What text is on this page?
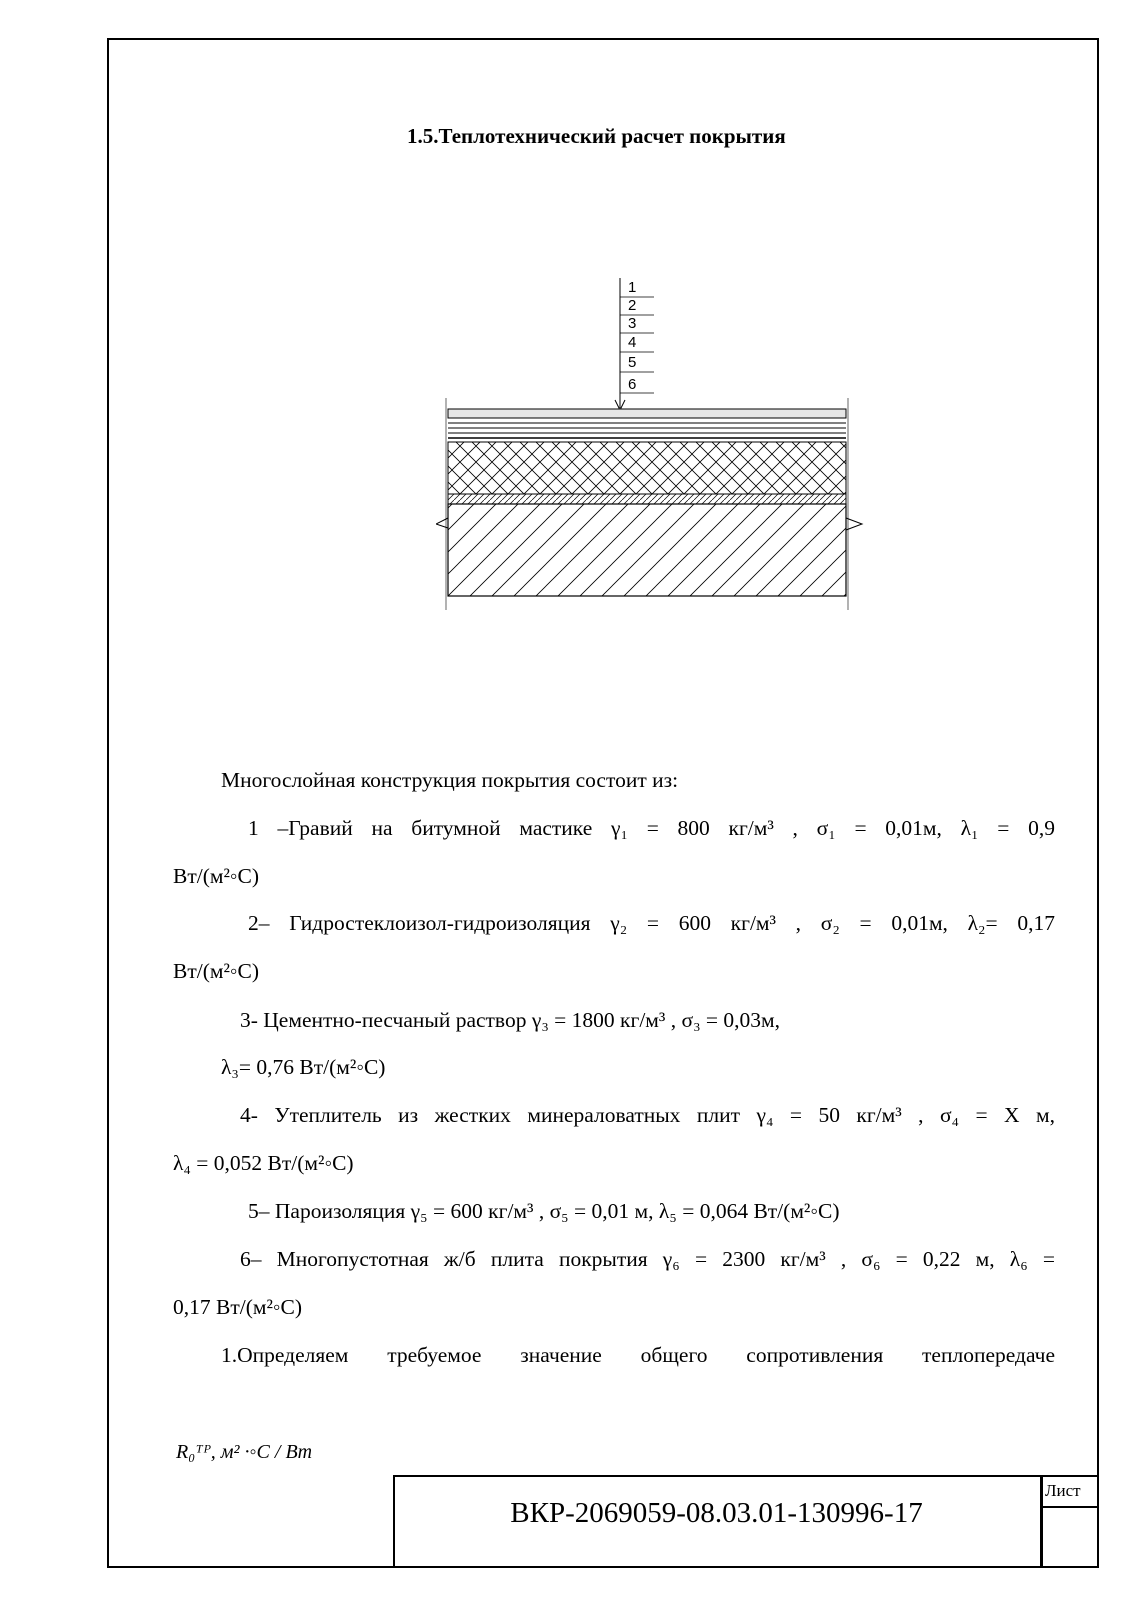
1.5.Теплотехнический расчет покрытия
1
2
3
4
5
6
Многослойная конструкция покрытия состоит из:
1 –Гравий на битумной мастике γ₁ = 800 кг/м³ , σ₁ = 0,01м, λ₁ = 0,9
Вт/(м²◦С)
2– Гидростеклоизол-гидроизоляция γ₂ = 600 кг/м³ , σ₂ = 0,01м, λ₂= 0,17
Вт/(м²◦С)
3- Цементно-песчаный раствор γ₃ = 1800 кг/м³ , σ₃ = 0,03м,
λ₃= 0,76 Вт/(м²◦С)
4- Утеплитель из жестких минераловатных плит γ₄ = 50 кг/м³ , σ₄ = Х м,
λ₄ = 0,052 Вт/(м²◦С)
5– Пароизоляция γ₅ = 600 кг/м³ , σ₅ = 0,01 м, λ₅ = 0,064 Вт/(м²◦С)
6– Многопустотная ж/б плита покрытия γ₆ = 2300 кг/м³ , σ₆ = 0,22 м, λ₆ =
0,17 Вт/(м²◦С)
1.Определяем требуемое значение общего сопротивления теплопередаче
R₀ᵀᴾ, м² ·◦C / Bm
Лист
ВКР-2069059-08.03.01-130996-17
